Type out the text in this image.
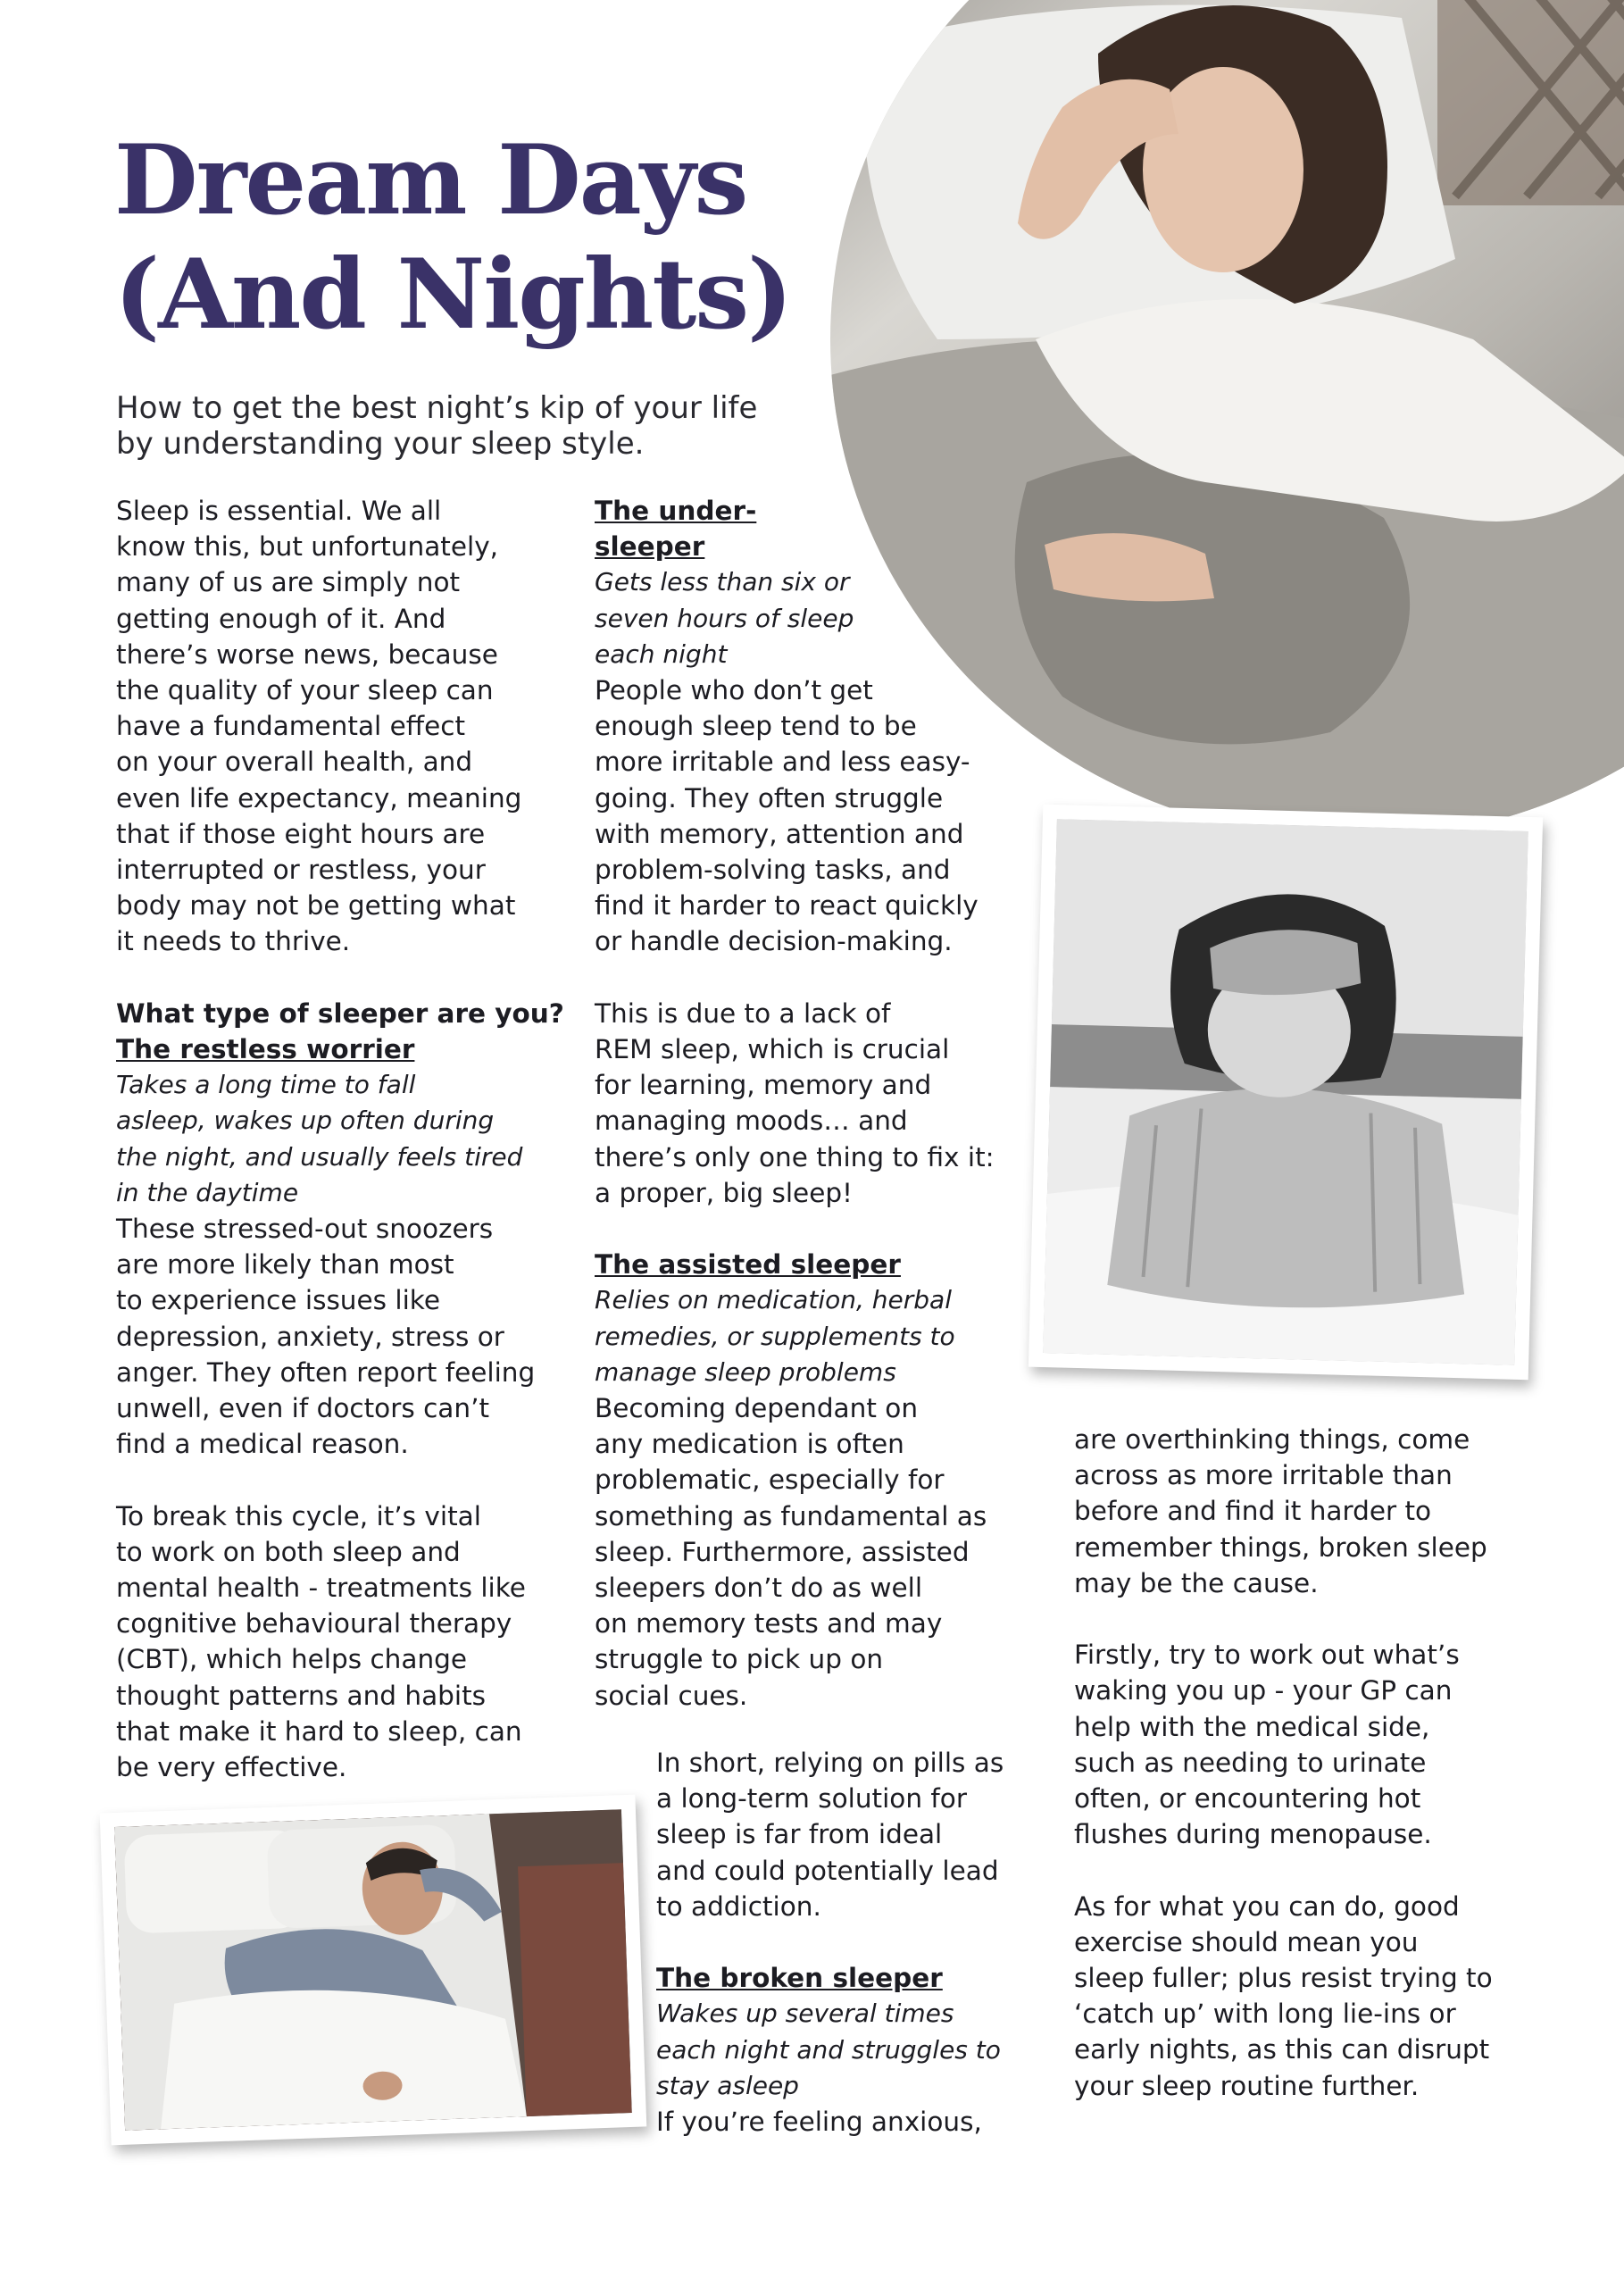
Dream Days
(And Nights)

How to get the best night’s kip of your life
by understanding your sleep style.

Sleep is essential. We all
know this, but unfortunately,
many of us are simply not
getting enough of it. And
there’s worse news, because
the quality of your sleep can
have a fundamental effect
on your overall health, and
even life expectancy, meaning
that if those eight hours are
interrupted or restless, your
body may not be getting what
it needs to thrive.
What type of sleeper are you?
The restless worrier
Takes a long time to fall
asleep, wakes up often during
the night, and usually feels tired
in the daytime
These stressed-out snoozers
are more likely than most
to experience issues like
depression, anxiety, stress or
anger. They often report feeling
unwell, even if doctors can’t
find a medical reason.
To break this cycle, it’s vital
to work on both sleep and
mental health - treatments like
cognitive behavioural therapy
(CBT), which helps change
thought patterns and habits
that make it hard to sleep, can
be very effective.
The under-
sleeper
Gets less than six or
seven hours of sleep
each night
People who don’t get
enough sleep tend to be
more irritable and less easy-
going. They often struggle
with memory, attention and
problem-solving tasks, and
find it harder to react quickly
or handle decision-making.
This is due to a lack of
REM sleep, which is crucial
for learning, memory and
managing moods… and
there’s only one thing to fix it:
a proper, big sleep!
The assisted sleeper
Relies on medication, herbal
remedies, or supplements to
manage sleep problems
Becoming dependant on
any medication is often
problematic, especially for
something as fundamental as
sleep. Furthermore, assisted
sleepers don’t do as well
on memory tests and may
struggle to pick up on
social cues.
In short, relying on pills as
a long-term solution for
sleep is far from ideal
and could potentially lead
to addiction.
The broken sleeper
Wakes up several times
each night and struggles to
stay asleep
If you’re feeling anxious,
are overthinking things, come
across as more irritable than
before and find it harder to
remember things, broken sleep
may be the cause.
Firstly, try to work out what’s
waking you up - your GP can
help with the medical side,
such as needing to urinate
often, or encountering hot
flushes during menopause.
As for what you can do, good
exercise should mean you
sleep fuller; plus resist trying to
‘catch up’ with long lie-ins or
early nights, as this can disrupt
your sleep routine further.
